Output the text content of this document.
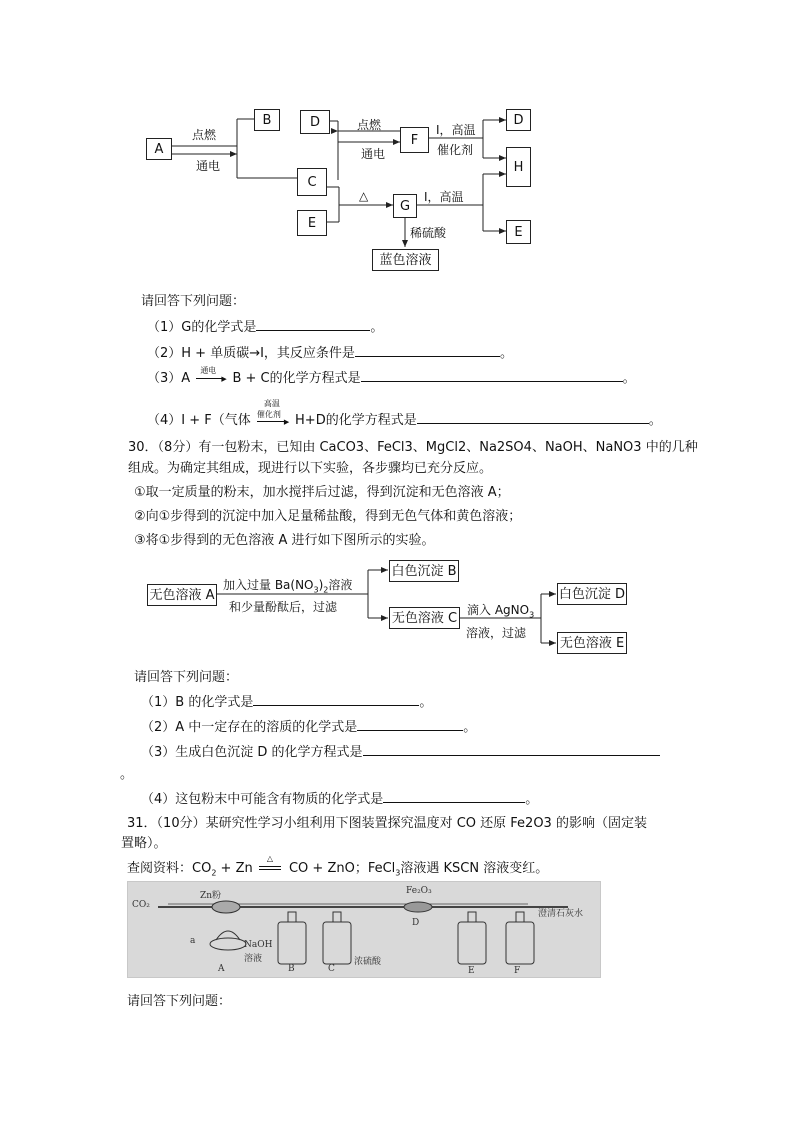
A
B
C
D
E
F
G
D
H
E
蓝色溶液
点燃
通电
点燃
通电
I，高温
催化剂
△	I，高温
稀硫酸
请回答下列问题：
（1）G的化学式是	。
（2）H + 单质碳→I，其反应条件是	。
（3）A
通电
▶ B + C的化学方程式是	。
（4）I + F（气体
高温
催化剂
▶ H+D的化学方程式是	。
30．（8分）有一包粉末，已知由 CaCO3、FeCl3、MgCl2、Na2SO4、NaOH、NaNO3 中的几种
组成。为确定其组成，现进行以下实验，各步骤均已充分反应。
①取一定质量的粉末，加水搅拌后过滤，得到沉淀和无色溶液 A；
②向①步得到的沉淀中加入足量稀盐酸，得到无色气体和黄色溶液；
③将①步得到的无色溶液 A 进行如下图所示的实验。
无色溶液 A
白色沉淀 B
无色溶液 C
白色沉淀 D
无色溶液 E
加入过量 $Ba(NO_3)_2$溶液
和少量酚酞后，过滤	滴入 AgNO$_3$
溶液，过滤
请回答下列问题：
（1）B 的化学式是	。
（2）A 中一定存在的溶质的化学式是	。
（3）生成白色沉淀 D 的化学方程式是
。
（4）这包粉末中可能含有物质的化学式是	。
31．（10分）某研究性学习小组利用下图装置探究温度对 CO 还原 Fe2O3 的影响（固定装
置略）。
查阅资料：$CO_2 + Zn$
△
CO + ZnO；FeCl$_3$溶液遇 KSCN 溶液变红。
CO₂
Zn粉
a	NaOH
溶液
Fe₂O₃
浓硫酸
澄清石灰水
A	B	C
D
E	F
请回答下列问题：
